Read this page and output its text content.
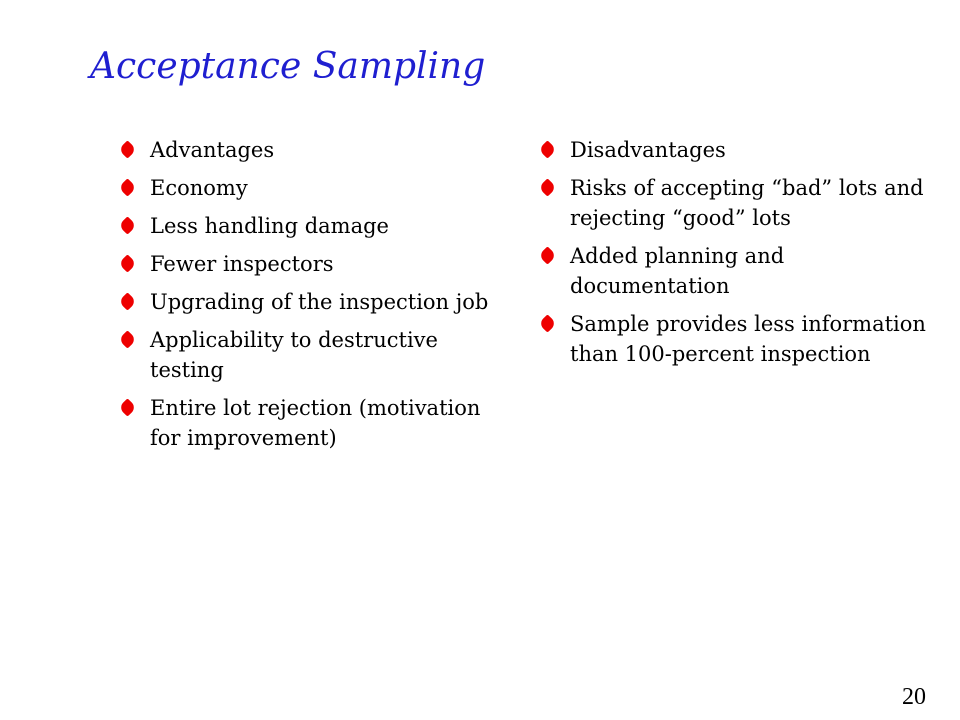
Acceptance Sampling
Advantages
Economy
Less handling damage
Fewer inspectors
Upgrading of the inspection job
Applicability to destructive testing
Entire lot rejection (motivation for improvement)
Disadvantages
Risks of accepting “bad” lots and rejecting “good” lots
Added planning and documentation
Sample provides less information than 100-percent inspection

20
